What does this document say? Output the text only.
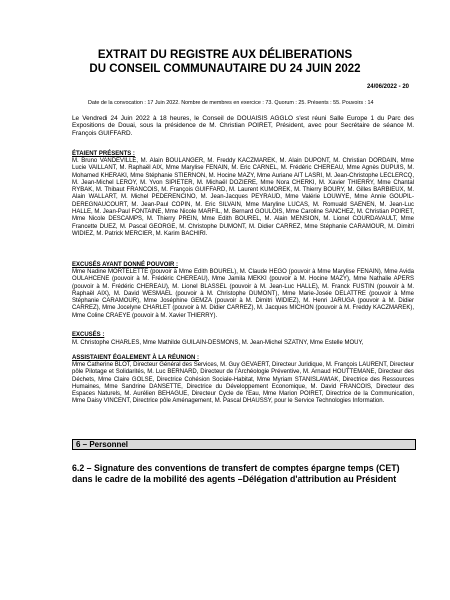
EXTRAIT DU REGISTRE AUX DÉLIBERATIONS
DU CONSEIL COMMUNAUTAIRE DU 24 JUIN 2022
24/06/2022 - 20
Date de la convocation : 17 Juin 2022. Nombre de membres en exercice : 73. Quorum : 25. Présents : 55. Pouvoirs : 14
Le Vendredi 24 Juin 2022 à 18 heures, le Conseil de DOUAISIS AGGLO s'est réuni Salle Europe 1 du Parc des Expositions de Douai, sous la présidence de M. Christian POIRET, Président, avec pour Secrétaire de séance M. François GUIFFARD.
ÉTAIENT PRÉSENTS :
M. Bruno VANDEVILLE, M. Alain BOULANGER, M. Freddy KACZMAREK, M. Alain DUPONT, M. Christian DORDAIN, Mme Lucie VAILLANT, M. Raphaël AIX, Mme Marylise FENAIN, M. Eric CARNEL, M. Frédéric CHEREAU, Mme Agnès DUPUIS, M. Mohamed KHERAKI, Mme Stéphanie STIERNON, M. Hocine MAZY, Mme Auriane AIT LASRI, M. Jean-Christophe LECLERCQ, M. Jean-Michel LEROY, M. Yvon SIPIETER, M. Michaël DOZIERE, Mme Nora CHERKI, M. Xavier THIERRY, Mme Chantal RYBAK, M. Thibaut FRANCOIS, M. François GUIFFARD, M. Laurent KUMOREK, M. Thierry BOURY, M. Gilles BARBIEUX, M. Alain WALLART, M. Michel PEDERENCINO, M. Jean-Jacques PEYRAUD, Mme Valérie LOUWYE, Mme Annie GOUPIL-DEREGNAUCOURT, M. Jean-Paul COPIN, M. Eric SILVAIN, Mme Maryline LUCAS, M. Romuald SAENEN, M. Jean-Luc HALLE, M. Jean-Paul FONTAINE, Mme Nicole MARFIL, M. Bernard GOULOIS, Mme Caroline SANCHEZ, M. Christian POIRET, Mme Nicole DESCAMPS, M. Thierry PREIN, Mme Edith BOUREL, M. Alain MENSION, M. Lionel COURDAVAULT, Mme Francette DUEZ, M. Pascal GEORGE, M. Christophe DUMONT, M. Didier CARREZ, Mme Stéphanie CARAMOUR, M. Dimitri WIDIEZ, M. Patrick MERCIER, M. Karim BACHIRI.
EXCUSÉS AYANT DONNÉ POUVOIR :
Mme Nadine MORTELETTE (pouvoir à Mme Edith BOUREL), M. Claude HEGO (pouvoir à Mme Marylise FENAIN), Mme Avida OULAHCENE (pouvoir à M. Frédéric CHEREAU), Mme Jamila MEKKI (pouvoir à M. Hocine MAZY), Mme Nathalie APERS (pouvoir à M. Frédéric CHEREAU), M. Lionel BLASSEL (pouvoir à M. Jean-Luc HALLE), M. Franck FUSTIN (pouvoir à M. Raphaël AIX), M. David WESMAEL (pouvoir à M. Christophe DUMONT), Mme Marie-Josée DELATTRE (pouvoir à Mme Stéphanie CARAMOUR), Mme Joséphine GEMZA (pouvoir à M. Dimitri WIDIEZ), M. Henri JARUGA (pouvoir à M. Didier CARREZ), Mme Jocelyne CHARLET (pouvoir à M. Didier CARREZ), M. Jacques MICHON (pouvoir à M. Freddy KACZMAREK), Mme Coline CRAEYE (pouvoir à M. Xavier THIERRY).
EXCUSÉS :
M. Christophe CHARLES, Mme Mathilde GUILAIN-DESMONS, M. Jean-Michel SZATNY, Mme Estelle MOUY,
ASSISTAIENT ÉGALEMENT À LA RÉUNION :
Mme Catherine BLOT, Directeur Général des Services, M. Guy GEVAERT, Directeur Juridique, M. François LAURENT, Directeur pôle Pilotage et Solidarités, M. Luc BERNARD, Directeur de l'Archéologie Préventive, M. Arnaud HOUTTEMANE, Directeur des Déchets, Mme Claire GOLSE, Directrice Cohésion Sociale-Habitat, Mme Myriam STANISLAWIAK, Directrice des Ressources Humaines, Mme Sandrine DANSETTE, Directrice du Développement Economique, M. David FRANCOIS, Directeur des Espaces Naturels, M. Aurélien BEHAGUE, Directeur Cycle de l'Eau, Mme Marion POIRET, Directrice de la Communication, Mme Daisy VINCENT, Directrice pôle Aménagement, M. Pascal DHAUSSY, pour le Service Technologies Information.
6 – Personnel
6.2 – Signature des conventions de transfert de comptes épargne temps (CET) dans le cadre de la mobilité des agents –Délégation d'attribution au Président
